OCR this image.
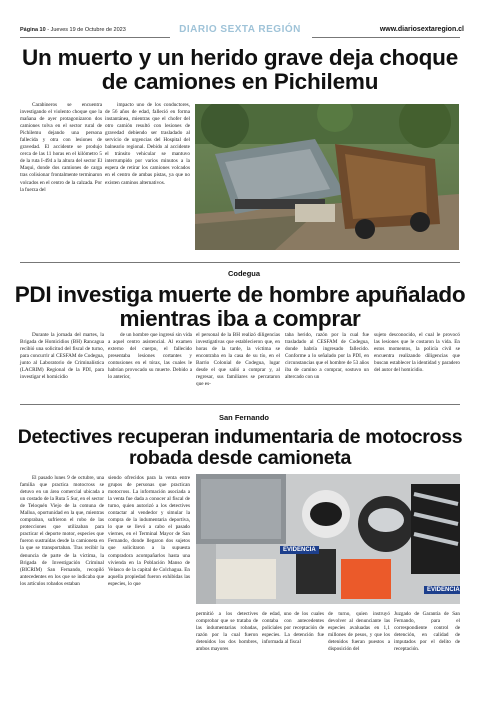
Página 10 - Jueves 19 de Octubre de 2023	DIARIO SEXTA REGIÓN	www.diariosextaregion.cl
Un muerto y un herido grave deja choque de camiones en Pichilemu

Carabineros se encuentra investigando el violento choque que la mañana de ayer protagonizaron dos camiones tolva en el sector rural de Pichilemu dejando una persona fallecida y otra con lesiones de gravedad. El accidente se produjo cerca de las 11 horas en el kilómetro 5 de la ruta I-494 a la altura del sector El Maqui, donde dos camiones de carga tras colisionar frontalmente terminaron volcados en el centro de la calzada. Por la fuerza del

impacto uno de los conductores, de 56 años de edad, falleció en forma instantánea, mientras que el chofer del otro camión resultó con lesiones de gravedad debiendo ser trasladado al servicio de urgencias del Hospital del balneario regional. Debido al accidente el tránsito vehicular se mantuvo interrumpido por varios minutos a la espera de retirar los camiones volcados en el centro de ambas pistas, ya que no existen caminos alternativos.

Codegua
PDI investiga muerte de hombre apuñalado mientras iba a comprar

Durante la jornada del martes, la Brigada de Homicidios (BH) Rancagua recibió una solicitud del fiscal de turno, para concurrir al CESFAM de Codegua, junto al Laboratorio de Criminalística (LACRIM) Regional de la PDI, para investigar el homicidio

de un hombre que ingresó sin vida a aquel centro asistencial. Al examen externo del cuerpo, el fallecido presentaba lesiones cortantes y contusiones en el tórax, las cuales le habrían provocado su muerte. Debido a lo anterior,

el personal de la BH realizó diligencias investigativas que establecieron que, en horas de la tarde, la víctima se encontraba en la casa de su tío, en el Barrio Colonial de Codegua, lugar desde el que salió a comprar y, al regresar, sus familiares se percataron que es-

taba herido, razón por la cual fue trasladado al CESFAM de Codegua, donde habría ingresado fallecido. Conforme a lo señalado por la PDI, en circunstancias que el hombre de 53 años iba de camino a comprar, sostuvo un altercado con un

sujeto desconocido, el cual le provocó las lesiones que le costaron la vida. En estos momentos, la policía civil se encuentra realizando diligencias que buscan establecer la identidad y paradero del autor del homicidio.

San Fernando
Detectives recuperan indumentaria de motocross robada desde camioneta

El pasado lunes 9 de octubre, una familia que practica motocross se detuvo en un área comercial ubicada a un costado de la Ruta 5 Sur, en el sector de Teloquén Viejo de la comuna de Malloa, oportunidad en la que, mientras compraban, sufrieron el robo de las protecciones que utilizaban para practicar el deporte motor, especies que fueron sustraídas desde la camioneta en la que se transportaban. Tras recibir la denuncia de parte de la víctima, la Brigada de Investigación Criminal (BICRIM) San Fernando, recopiló antecedentes en los que se indicaba que los artículos robados estaban

siendo ofrecidos para la venta entre grupos de personas que practican motocross. La información asociada a la venta fue dada a conocer al fiscal de turno, quien autorizó a los detectives contactar al vendedor y simular la compra de la indumentaria deportiva, lo que se llevó a cabo el pasado viernes, en el Terminal Mayor de San Fernando, donde llegaron dos sujetos que solicitaron a la supuesta compradora acompañarlos hasta una vivienda en la Población Manso de Velasco de la capital de Colchagua. En aquella propiedad fueron exhibidas las especies, lo que

EVIDENCIA
EVIDENCIA

permitió a los detectives comprobar que se trataba de las indumentarias robadas, razón por la cual fueron detenidos los dos hombres, ambos mayores

de edad, uno de los cuales contaba con antecedentes policiales por receptación de especies. La detención fue informada al fiscal

de turno, quien instruyó devolver al denunciante las especies avaluadas en 1,1 millones de pesos, y que los detenidos fueran puestos a disposición del

Juzgado de Garantía de San Fernando, para el correspondiente control de detención, en calidad de imputados por el delito de receptación.
